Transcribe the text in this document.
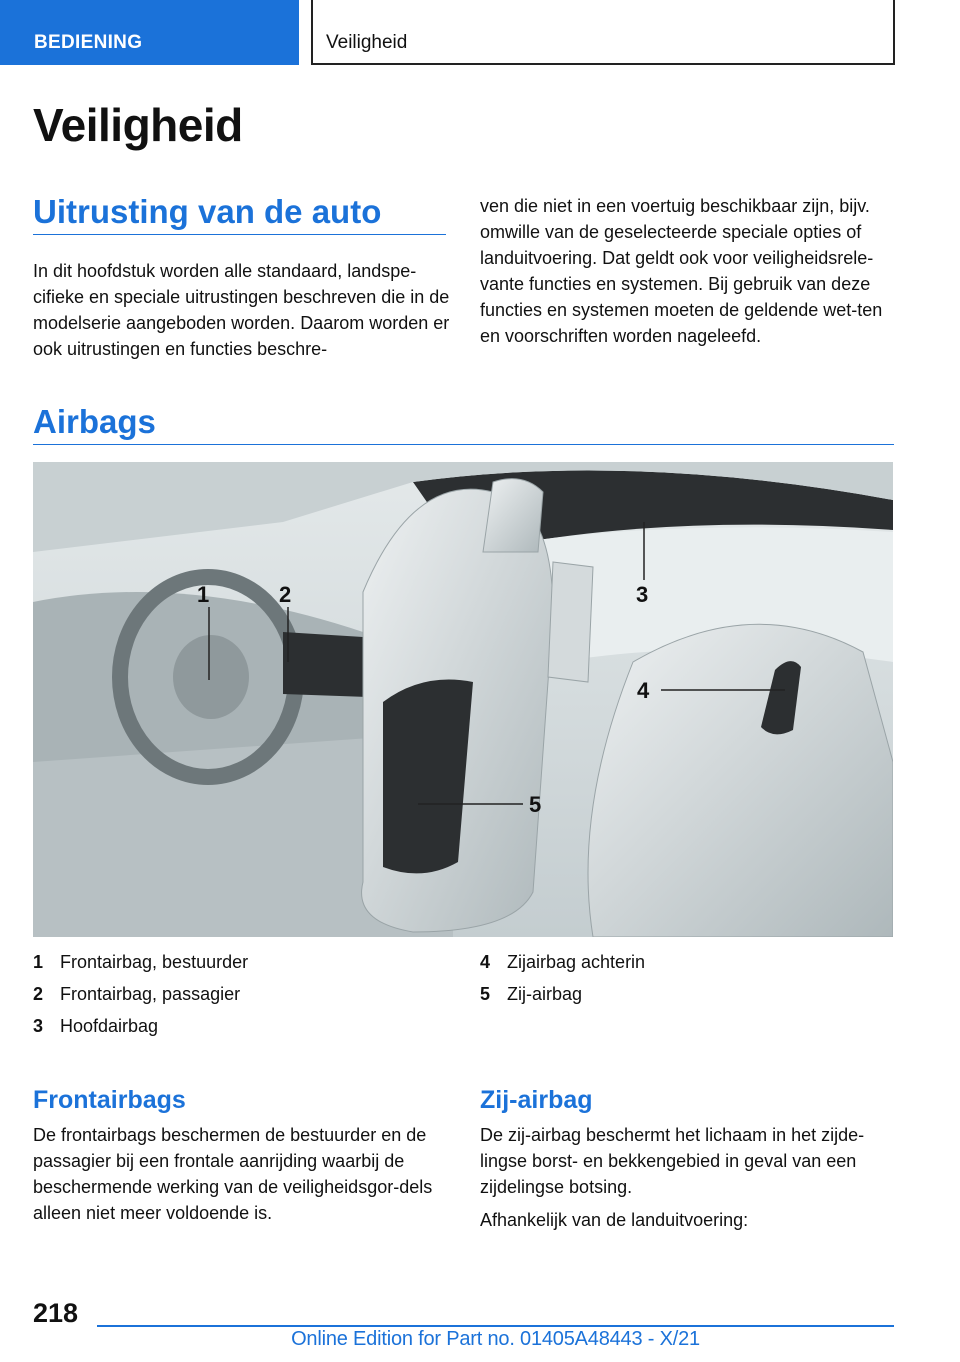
BEDIENING	Veiligheid
Veiligheid
Uitrusting van de auto

In dit hoofdstuk worden alle standaard, landspe-cifieke en speciale uitrustingen beschreven die in de modelserie aangeboden worden. Daarom worden er ook uitrustingen en functies beschre-

ven die niet in een voertuig beschikbaar zijn, bijv. omwille van de geselecteerde speciale opties of landuitvoering. Dat geldt ook voor veiligheidsrele-vante functies en systemen. Bij gebruik van deze functies en systemen moeten de geldende wet-ten en voorschriften worden nageleefd.

Airbags
1	2	3
4
5
1 Frontairbag, bestuurder
2 Frontairbag, passagier
3 Hoofdairbag
4 Zijairbag achterin
5 Zij-airbag
Frontairbags

De frontairbags beschermen de bestuurder en de passagier bij een frontale aanrijding waarbij de beschermende werking van de veiligheidsgor-dels alleen niet meer voldoende is.

Zij-airbag

De zij-airbag beschermt het lichaam in het zijde-lingse borst- en bekkengebied in geval van een zijdelingse botsing.

Afhankelijk van de landuitvoering:

218
Online Edition for Part no. 01405A48443 - X/21
